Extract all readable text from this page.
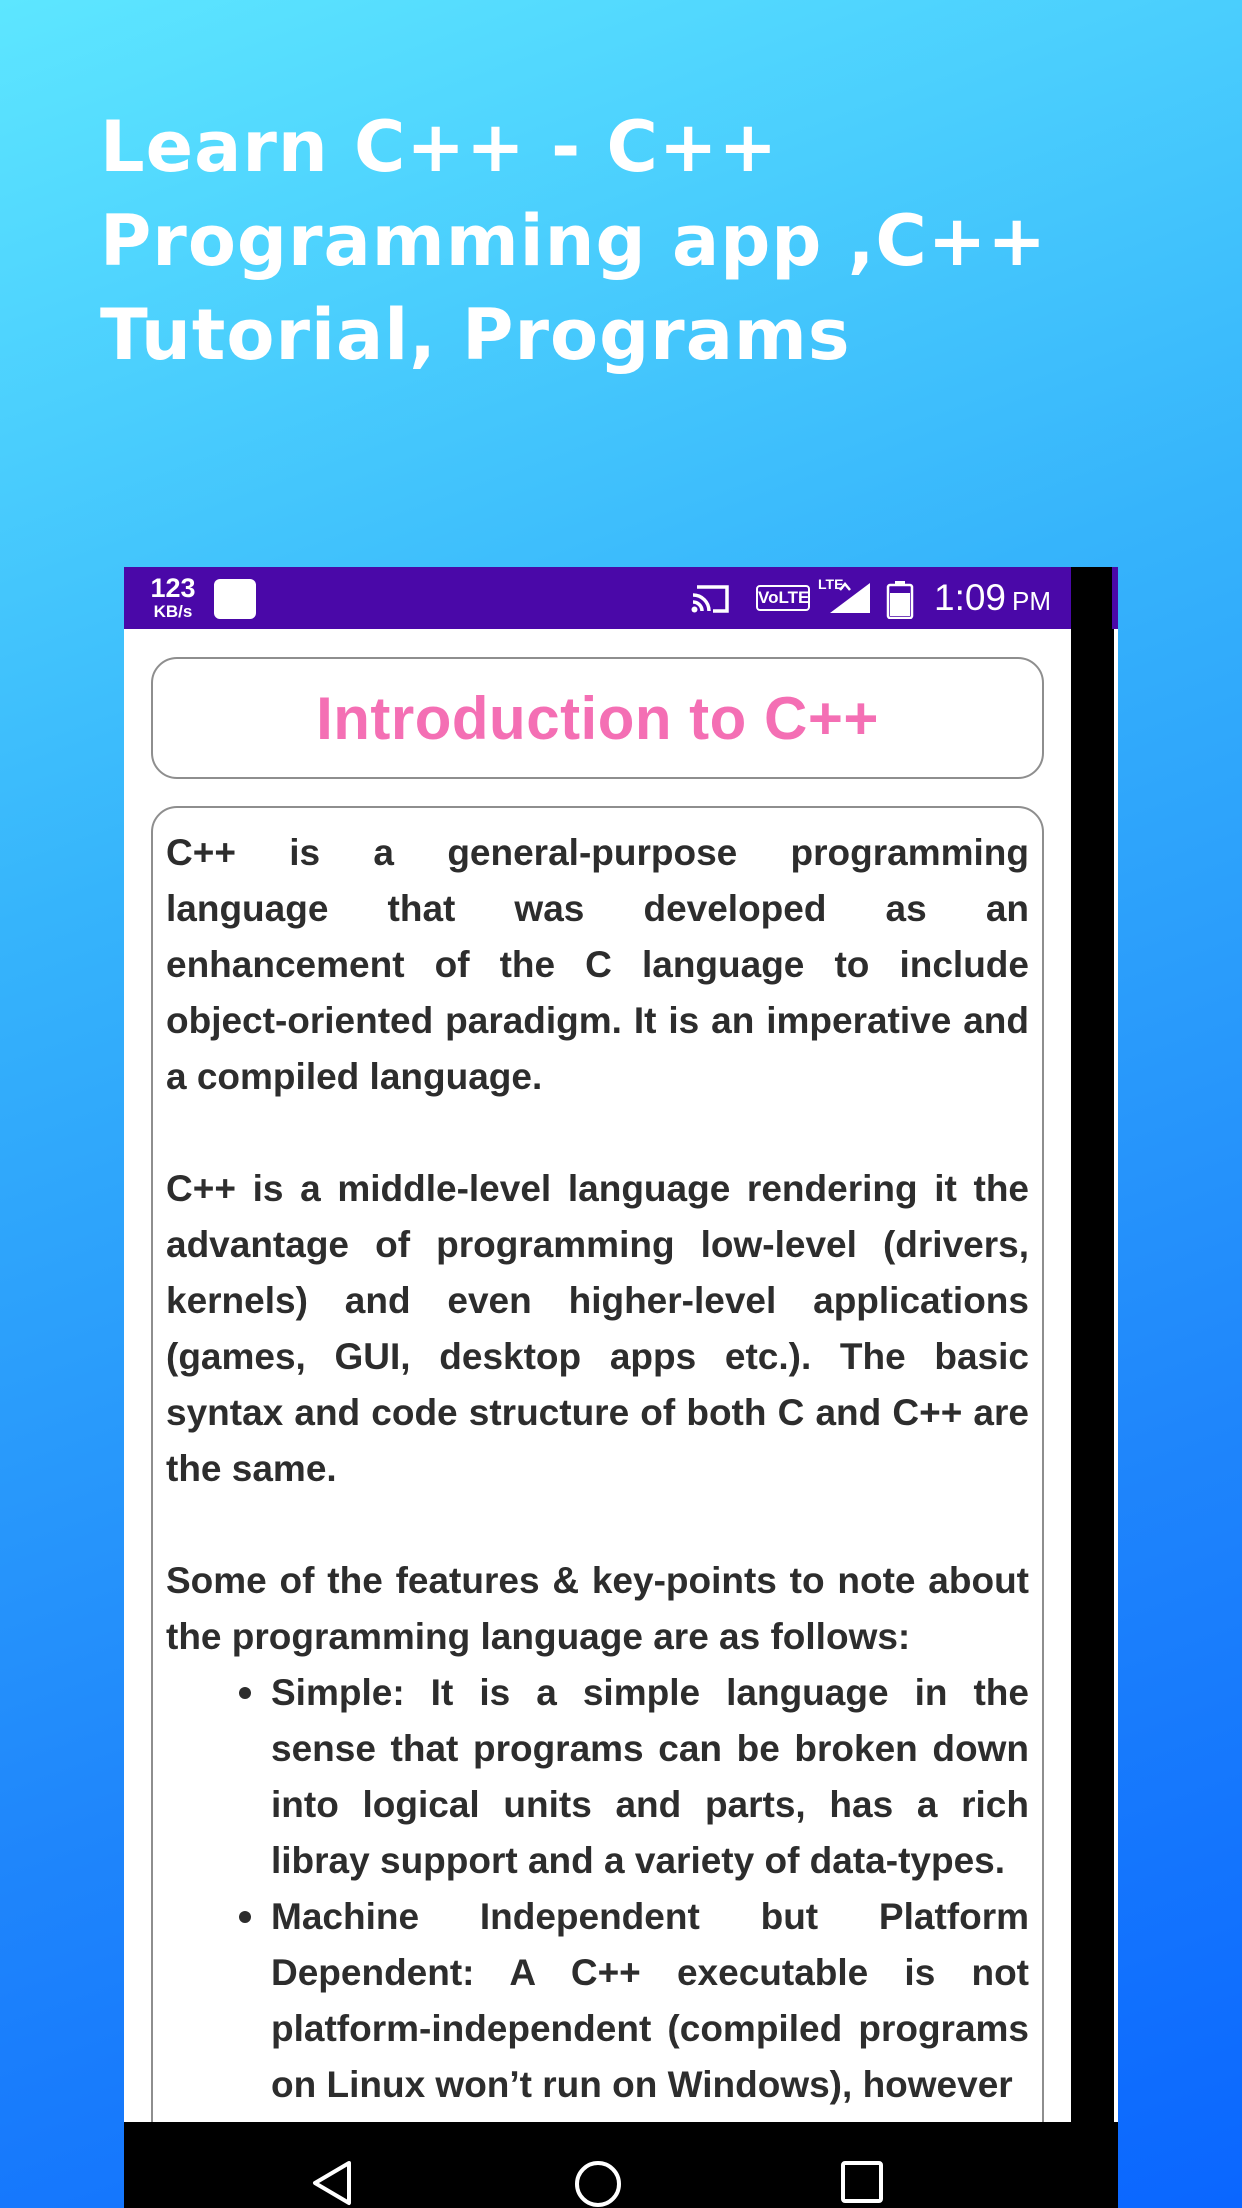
Learn C++ - C++ Programming app ,C++ Tutorial, Programs
123
KB/s
VoLTE
LTE 1:09 PM
Introduction to C++

C++ is a general-purpose programming language that was developed as an enhancement of the C language to include object-oriented paradigm. It is an imperative and a compiled language.

C++ is a middle-level language rendering it the advantage of programming low-level (drivers, kernels) and even higher-level applications (games, GUI, desktop apps etc.). The basic syntax and code structure of both C and C++ are the same.

Some of the features & key-points to note about the programming language are as follows:

Simple: It is a simple language in the sense that programs can be broken down into logical units and parts, has a rich libray support and a variety of data-types.
Machine Independent but Platform Dependent: A C++ executable is not platform-independent (compiled programs on Linux won’t run on Windows), however
